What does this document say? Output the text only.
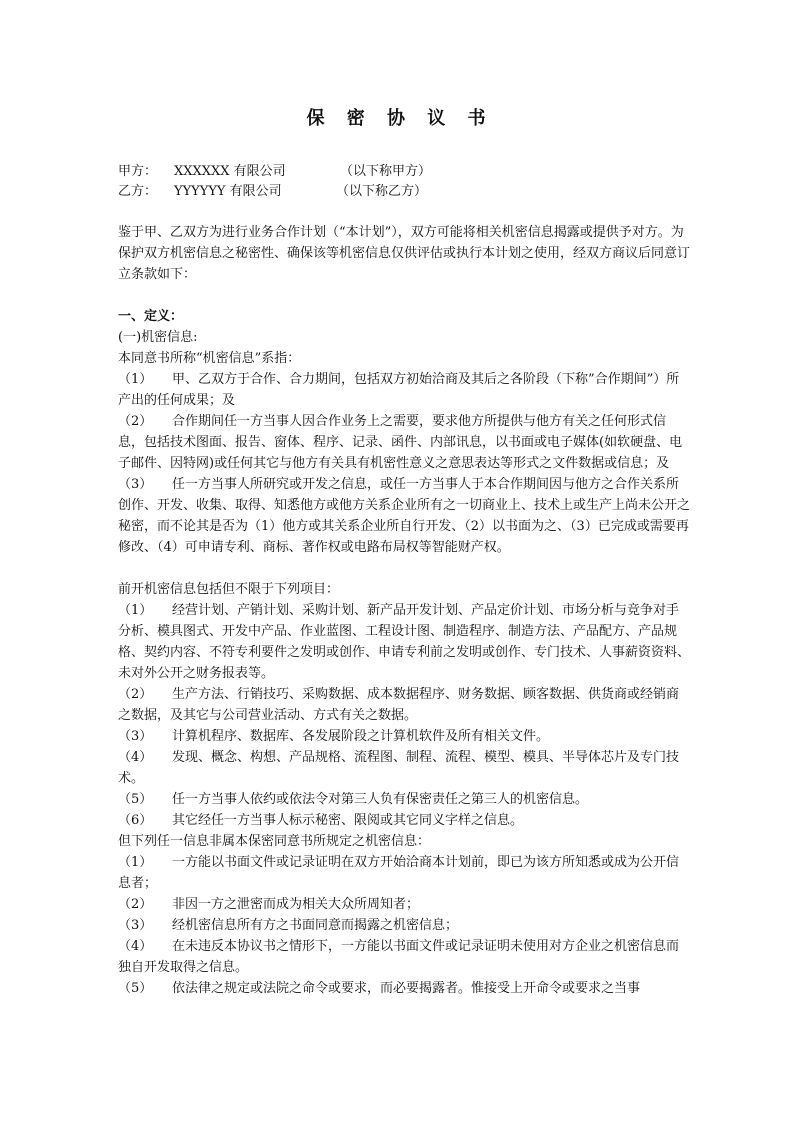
保 密 协 议 书
甲方： XXXXXX 有限公司	（以下称甲方）
乙方： YYYYYY 有限公司	（以下称乙方）

鉴于甲、乙双方为进行业务合作计划（“本计划”），双方可能将相关机密信息揭露或提供予对方。为保护双方机密信息之秘密性、确保该等机密信息仅供评估或执行本计划之使用，经双方商议后同意订立条款如下：

一、定义：

(一)机密信息:

本同意书所称“机密信息”系指：

（1） 甲、乙双方于合作、合力期间，包括双方初始洽商及其后之各阶段（下称”合作期间”）所产出的任何成果；及

（2） 合作期间任一方当事人因合作业务上之需要，要求他方所提供与他方有关之任何形式信息，包括技术图面、报告、窗体、程序、记录、函件、内部讯息，以书面或电子媒体(如软硬盘、电子邮件、因特网)或任何其它与他方有关具有机密性意义之意思表达等形式之文件数据或信息；及

（3） 任一方当事人所研究或开发之信息，或任一方当事人于本合作期间因与他方之合作关系所创作、开发、收集、取得、知悉他方或他方关系企业所有之一切商业上、技术上或生产上尚未公开之秘密，而不论其是否为（1）他方或其关系企业所自行开发、（2）以书面为之、（3）已完成或需要再修改、（4）可申请专利、商标、著作权或电路布局权等智能财产权。

前开机密信息包括但不限于下列项目：

（1） 经营计划、产销计划、采购计划、新产品开发计划、产品定价计划、市场分析与竞争对手分析、模具图式、开发中产品、作业蓝图、工程设计图、制造程序、制造方法、产品配方、产品规格、契约内容、不符专利要件之发明或创作、申请专利前之发明或创作、专门技术、人事薪资资料、未对外公开之财务报表等。

（2） 生产方法、行销技巧、采购数据、成本数据程序、财务数据、顾客数据、供货商或经销商之数据，及其它与公司营业活动、方式有关之数据。

（3） 计算机程序、数据库、各发展阶段之计算机软件及所有相关文件。

（4） 发现、概念、构想、产品规格、流程图、制程、流程、模型、模具、半导体芯片及专门技术。

（5） 任一方当事人依约或依法令对第三人负有保密责任之第三人的机密信息。

（6） 其它经任一方当事人标示秘密、限阅或其它同义字样之信息。

但下列任一信息非属本保密同意书所规定之机密信息：

（1） 一方能以书面文件或记录证明在双方开始洽商本计划前，即已为该方所知悉或成为公开信息者；

（2） 非因一方之泄密而成为相关大众所周知者；

（3） 经机密信息所有方之书面同意而揭露之机密信息；

（4） 在未违反本协议书之情形下，一方能以书面文件或记录证明未使用对方企业之机密信息而独自开发取得之信息。

（5） 依法律之规定或法院之命令或要求，而必要揭露者。惟接受上开命令或要求之当事
